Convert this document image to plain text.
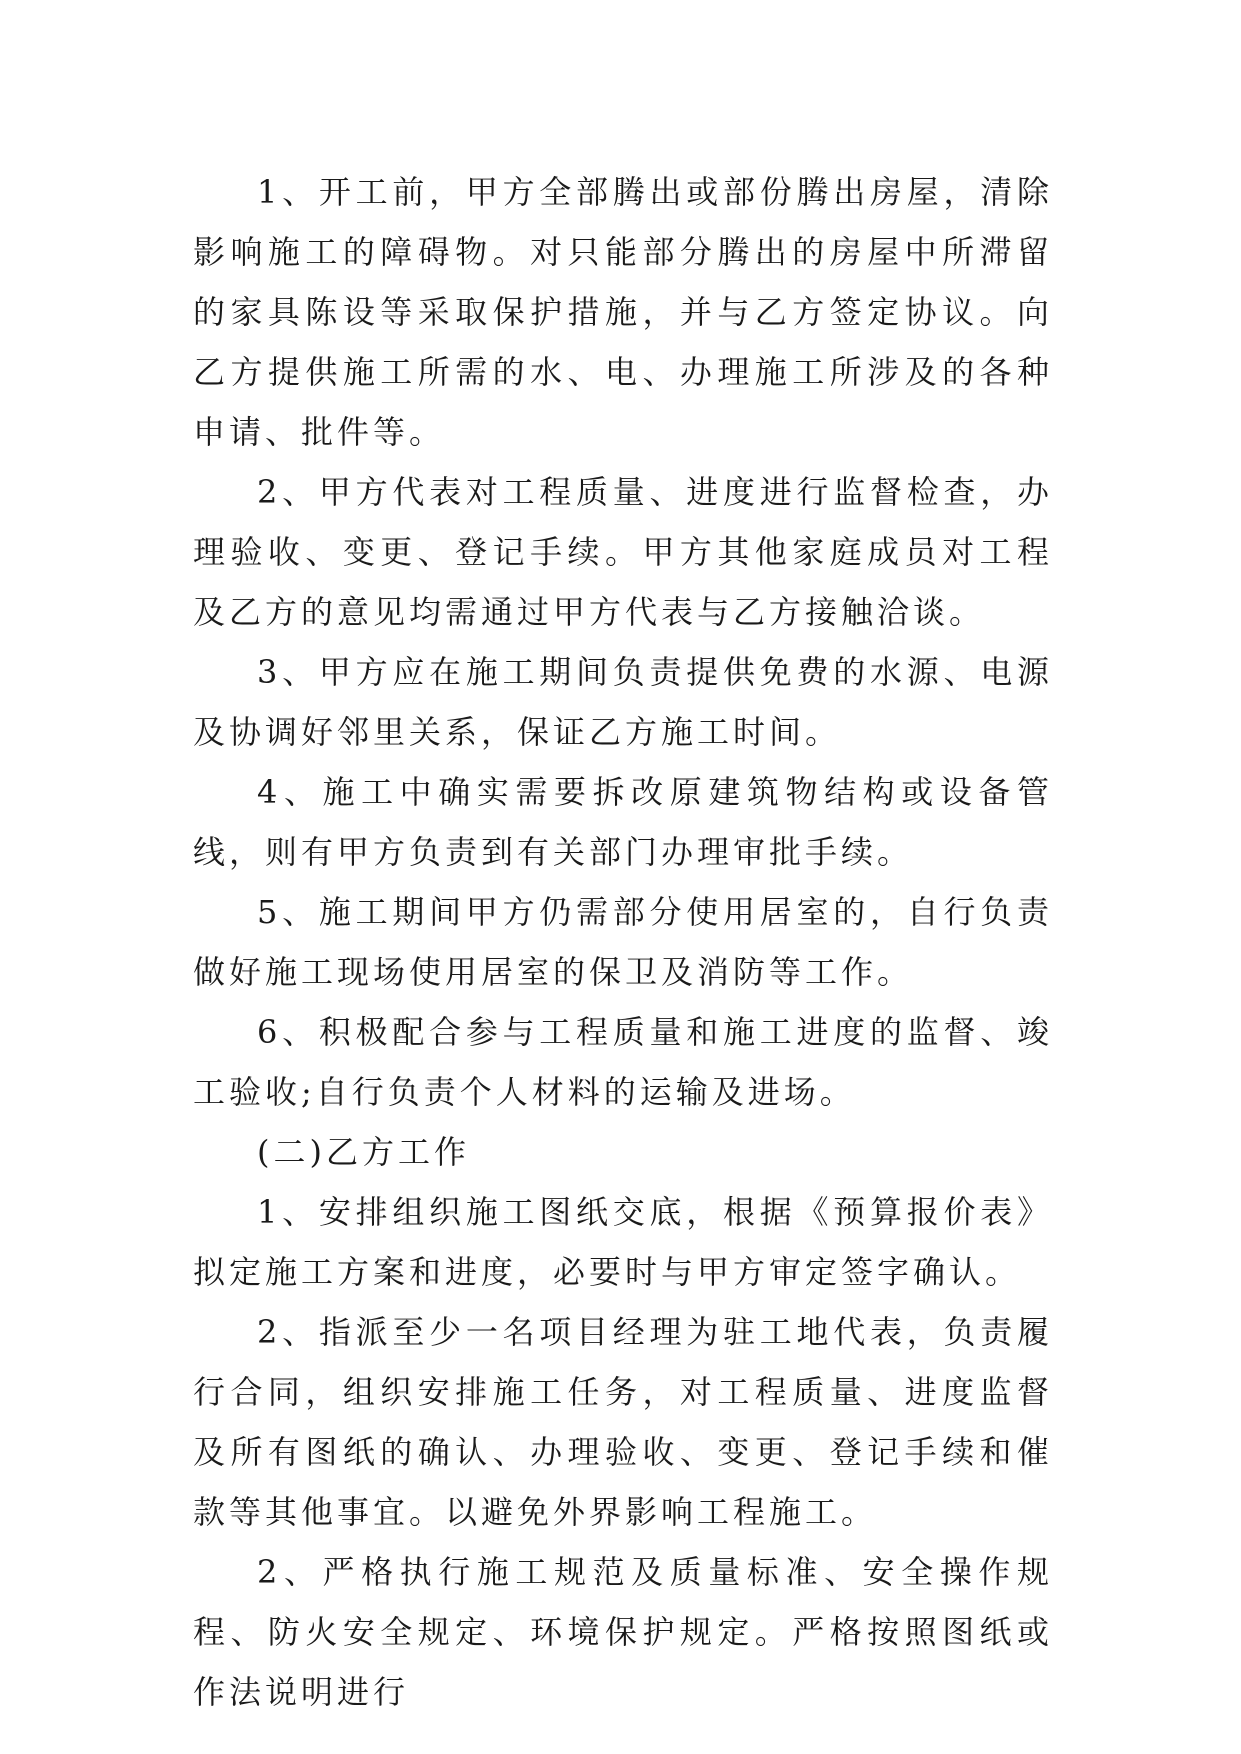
1、开工前，甲方全部腾出或部份腾出房屋，清除影响施工的障碍物。对只能部分腾出的房屋中所滞留的家具陈设等采取保护措施，并与乙方签定协议。向乙方提供施工所需的水、电、办理施工所涉及的各种申请、批件等。

2、甲方代表对工程质量、进度进行监督检查，办理验收、变更、登记手续。甲方其他家庭成员对工程及乙方的意见均需通过甲方代表与乙方接触洽谈。

3、甲方应在施工期间负责提供免费的水源、电源及协调好邻里关系，保证乙方施工时间。

4、施工中确实需要拆改原建筑物结构或设备管线，则有甲方负责到有关部门办理审批手续。

5、施工期间甲方仍需部分使用居室的，自行负责做好施工现场使用居室的保卫及消防等工作。

6、积极配合参与工程质量和施工进度的监督、竣工验收;自行负责个人材料的运输及进场。

(二)乙方工作

1、安排组织施工图纸交底，根据《预算报价表》拟定施工方案和进度，必要时与甲方审定签字确认。

2、指派至少一名项目经理为驻工地代表，负责履行合同，组织安排施工任务，对工程质量、进度监督及所有图纸的确认、办理验收、变更、登记手续和催款等其他事宜。以避免外界影响工程施工。

2、严格执行施工规范及质量标准、安全操作规程、防火安全规定、环境保护规定。严格按照图纸或作法说明进行
